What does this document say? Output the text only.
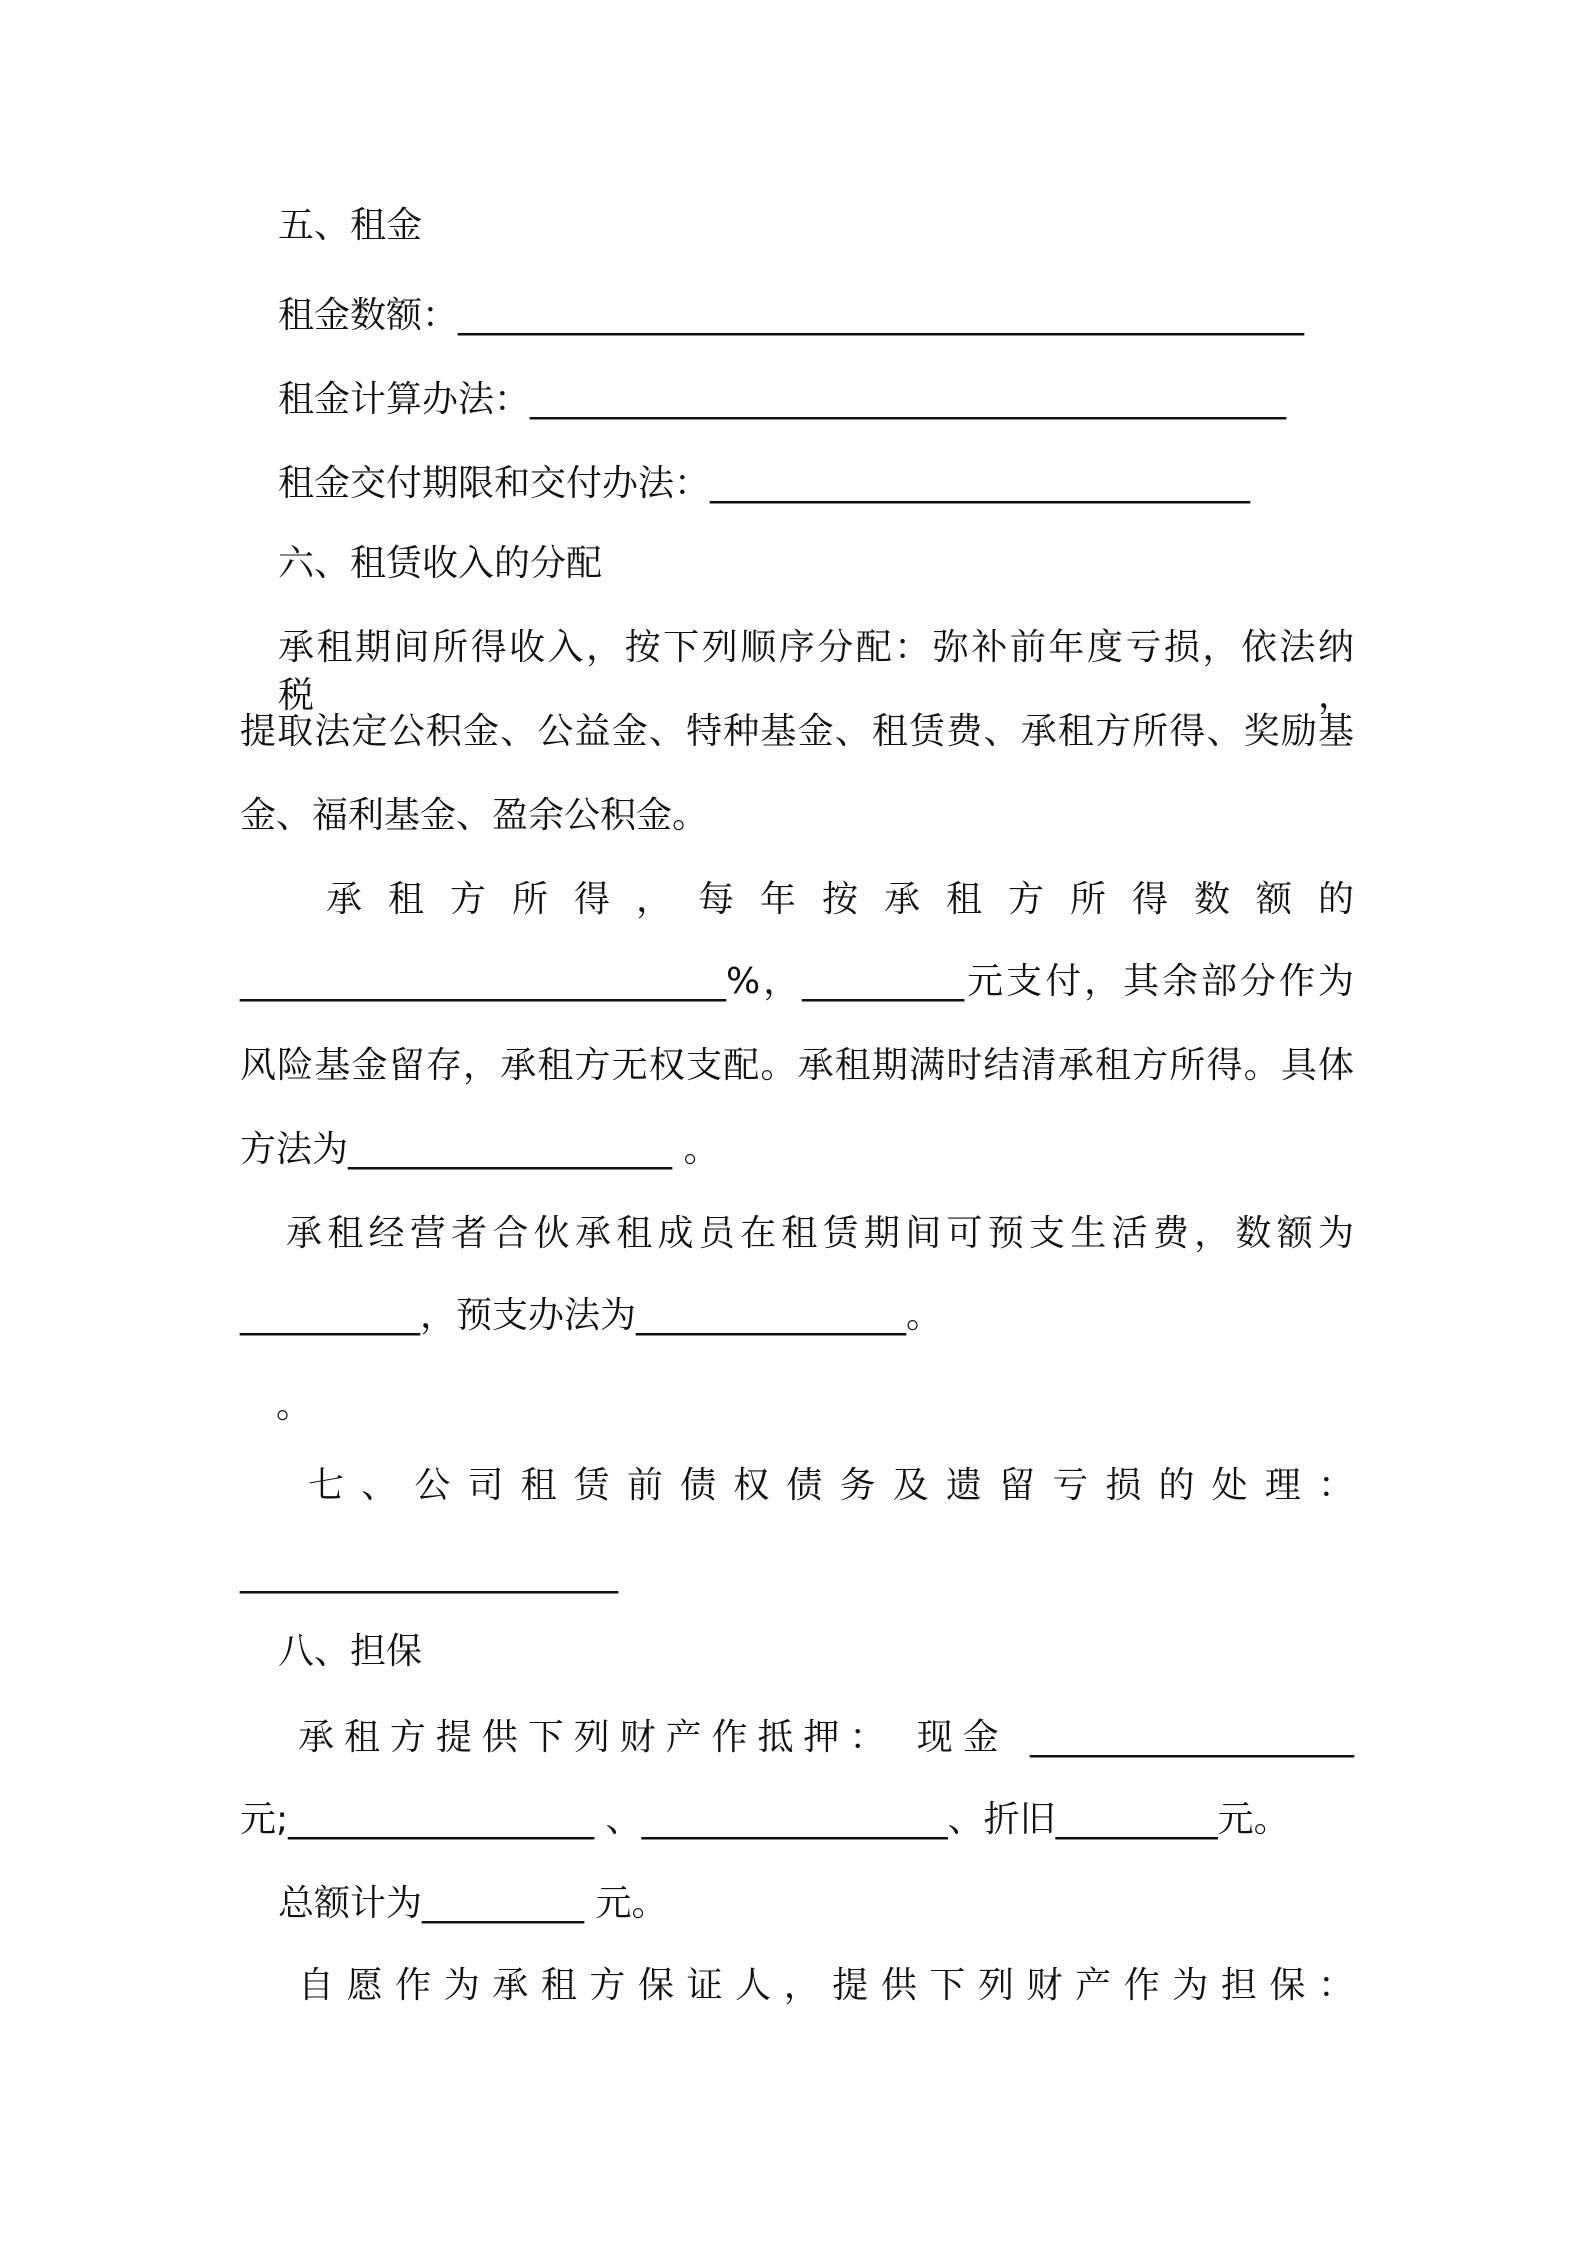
五、租金
租金数额：_______________________________________________
租金计算办法：__________________________________________
租金交付期限和交付办法：______________________________
六、租赁收入的分配
承租期间所得收入，按下列顺序分配：弥补前年度亏损，依法纳税，
提取法定公积金、公益金、特种基金、租赁费、承租方所得、奖励基
金、福利基金、盈余公积金。
承 租 方 所 得 ， 每 年 按 承 租 方 所 得 数 额 的
___________________________%，_________元支付，其余部分作为
风险基金留存，承租方无权支配。承租期满时结清承租方所得。具体
方法为__________________ 。
承租经营者合伙承租成员在租赁期间可预支生活费，数额为
__________，预支办法为_______________。
。
七、公司租赁前债权债务及遗留亏损的处理：
_____________________
八、担保
承租方提供下列财产作抵押： 现金 __________________
元;_________________ 、_________________、折旧_________元。
总额计为_________ 元。
自愿作为承租方保证人，提供下列财产作为担保：
